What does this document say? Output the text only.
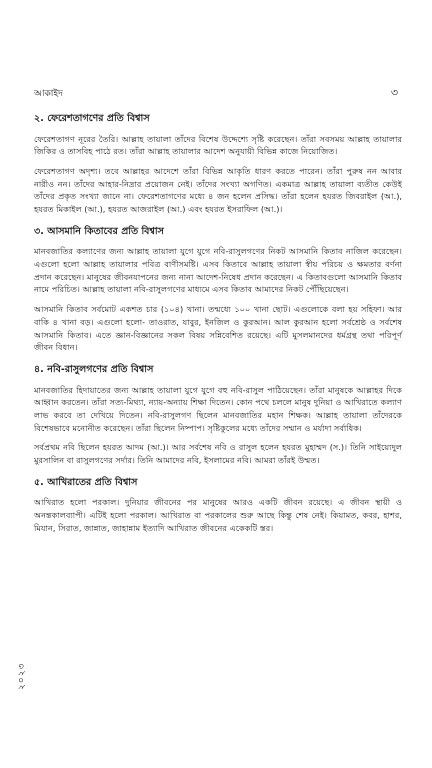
আকাইদ	৩
২. ফেরেশতাগণের প্রতি বিশ্বাস

ফেরেশতাগণ নূরের তৈরি। আল্লাহ তায়ালা তাঁদের বিশেষ উদ্দেশ্যে সৃষ্টি করেছেন। তাঁরা সবসময় আল্লাহ তায়ালার জিকির ও তাসবিহ পাঠে রত। তাঁরা আল্লাহ তায়ালার আদেশ অনুযায়ী বিভিন্ন কাজে নিয়োজিত।

ফেরেশতাগণ অদৃশ্য। তবে আল্লাহর আদেশে তাঁরা বিভিন্ন আকৃতি ধারণ করতে পারেন। তাঁরা পুরুষ নন আবার নারীও নন। তাঁদের আহার-নিদ্রার প্রয়োজন নেই। তাঁদের সংখ্যা অগণিত। একমাত্র আল্লাহ তায়ালা ব্যতীত কেউই তাঁদের প্রকৃত সংখ্যা জানে না। ফেরেশতাগণের মধ্যে ৪ জন হলেন প্রসিদ্ধ। তাঁরা হলেন হযরত জিবরাইল (আ.), হযরত মিকাইল (আ.), হযরত আজরাইল (আ.) এবং হযরত ইসরাফিল (আ.)।

৩. আসমানি কিতাবের প্রতি বিশ্বাস

মানবজাতির কল্যাণের জন্য আল্লাহ তায়ালা যুগে যুগে নবি-রাসুলগণের নিকট আসমানি কিতাব নাজিল করেছেন। এগুলো হলো আল্লাহ তায়ালার পবিত্র বাণীসমষ্টি। এসব কিতাবে আল্লাহ তায়ালা স্বীয় পরিচয় ও ক্ষমতার বর্ণনা প্রদান করেছেন। মানুষের জীবনযাপনের জন্য নানা আদেশ-নিষেধ প্রদান করেছেন। এ কিতাবগুলো আসমানি কিতাব নামে পরিচিত। আল্লাহ তায়ালা নবি-রাসুলগণের মাধ্যমে এসব কিতাব আমাদের নিকট পৌঁছিয়েছেন।

আসমানি কিতাব সর্বমোট একশত চার (১০৪) খানা। তন্মধ্যে ১০০ খানা ছোট। এগুলোকে বলা হয় সহিফা। আর বাকি ৪ খানা বড়। এগুলো হলো- তাওরাত, যাবুর, ইনজিল ও কুরআন। আল কুরআন হলো সর্বশ্রেষ্ঠ ও সর্বশেষ আসমানি কিতাব। এতে জ্ঞান-বিজ্ঞানের সকল বিষয় সন্নিবেশিত রয়েছে। এটি মুসলমানদের ধর্মগ্রন্থ তথা পরিপূর্ণ জীবন বিধান।

৪. নবি-রাসুলগণের প্রতি বিশ্বাস

মানবজাতির হিদায়াতের জন্য আল্লাহ তায়ালা যুগে যুগে বহু নবি-রাসুল পাঠিয়েছেন। তাঁরা মানুষকে আল্লাহর দিকে আহ্বান করতেন। তাঁরা সত্য-মিথ্যা, ন্যায়-অন্যায় শিক্ষা দিতেন। কোন পথে চললে মানুষ দুনিয়া ও আখিরাতে কল্যাণ লাভ করবে তা দেখিয়ে দিতেন। নবি-রাসুলগণ ছিলেন মানবজাতির মহান শিক্ষক। আল্লাহ তায়ালা তাঁদেরকে বিশেষভাবে মনোনীত করেছেন। তাঁরা ছিলেন নিষ্পাপ। সৃষ্টিকুলের মধ্যে তাঁদের সম্মান ও মর্যাদা সর্বাধিক।

সর্বপ্রথম নবি ছিলেন হযরত আদম (আ.)। আর সর্বশেষ নবি ও রাসুল হলেন হযরত মুহাম্মদ (স.)। তিনি সাইয়্যেদুল মুরসালিন বা রাসুলগণের সর্দার। তিনি আমাদের নবি, ইসলামের নবি। আমরা তাঁরই উম্মত।

৫. আখিরাতের প্রতি বিশ্বাস

আখিরাত হলো পরকাল। দুনিয়ার জীবনের পর মানুষের আরও একটি জীবন রয়েছে। এ জীবন স্থায়ী ও অনন্তকালব্যাপী। এটিই হলো পরকাল। আখিরাত বা পরকালের শুরু আছে কিন্তু শেষ নেই। কিয়ামত, কবর, হাশর, মিযান, সিরাত, জান্নাত, জাহান্নাম ইত্যাদি আখিরাত জীবনের একেকটি স্তর।

২০২৩
